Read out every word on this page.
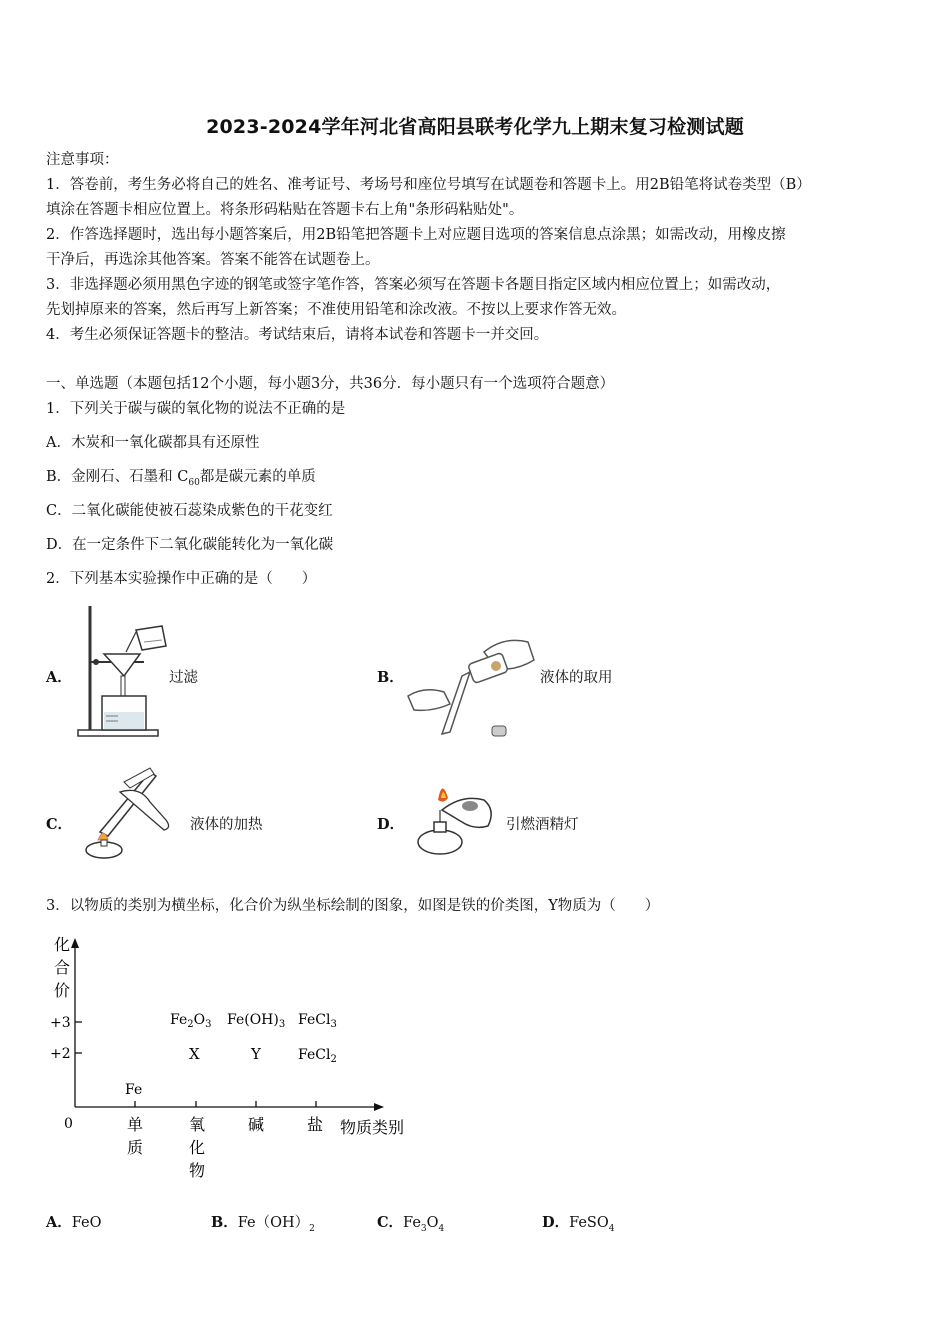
2023-2024学年河北省高阳县联考化学九上期末复习检测试题
注意事项：
1．答卷前，考生务必将自己的姓名、准考证号、考场号和座位号填写在试题卷和答题卡上。用2B铅笔将试卷类型（B）
填涂在答题卡相应位置上。将条形码粘贴在答题卡右上角"条形码粘贴处"。
2．作答选择题时，选出每小题答案后，用2B铅笔把答题卡上对应题目选项的答案信息点涂黑；如需改动，用橡皮擦
干净后，再选涂其他答案。答案不能答在试题卷上。
3．非选择题必须用黑色字迹的钢笔或签字笔作答，答案必须写在答题卡各题目指定区域内相应位置上；如需改动，
先划掉原来的答案，然后再写上新答案；不准使用铅笔和涂改液。不按以上要求作答无效。
4．考生必须保证答题卡的整洁。考试结束后，请将本试卷和答题卡一并交回。
一、单选题（本题包括12个小题，每小题3分，共36分．每小题只有一个选项符合题意）
1．下列关于碳与碳的氧化物的说法不正确的是
A．木炭和一氧化碳都具有还原性
B．金刚石、石墨和 $C_{60}$都是碳元素的单质
C．二氧化碳能使被石蕊染成紫色的干花变红
D．在一定条件下二氧化碳能转化为一氧化碳
2．下列基本实验操作中正确的是（　　）
A．	过滤	B．	液体的取用
C．	液体的加热	D．	引燃酒精灯
3．以物质的类别为横坐标，化合价为纵坐标绘制的图象，如图是铁的价类图，Y物质为（　　）
化
合
价
+3
+2
0	单
质
氧
化
物
碱	盐 物质类别
$Fe_2O_3$ $Fe(OH)_3$ FeCl$_3$
X	Y	FeCl$_2$
Fe
A．FeO	B．$Fe(OH)_2$	C．$Fe_3O_4$	D．FeSO$_4$
